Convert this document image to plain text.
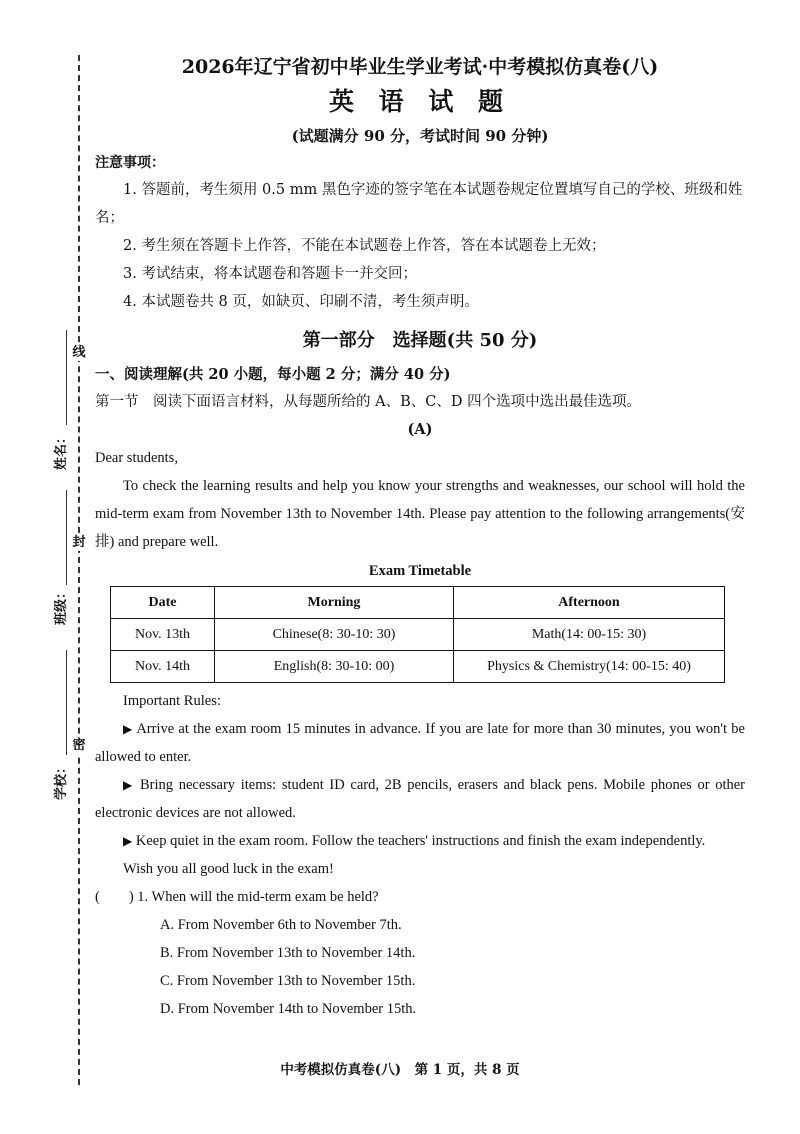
线
封
密
姓名：
班级：
学校：

2026年辽宁省初中毕业生学业考试·中考模拟仿真卷(八)

英 语 试 题

(试题满分 90 分，考试时间 90 分钟)

注意事项：

1. 答题前，考生须用 0.5 mm 黑色字迹的签字笔在本试题卷规定位置填写自己的学校、班级和姓名；

2. 考生须在答题卡上作答，不能在本试题卷上作答，答在本试题卷上无效；

3. 考试结束，将本试题卷和答题卡一并交回；

4. 本试题卷共 8 页，如缺页、印刷不清，考生须声明。

第一部分　选择题(共 50 分)

一、阅读理解(共 20 小题，每小题 2 分；满分 40 分)

第一节　阅读下面语言材料，从每题所给的 A、B、C、D 四个选项中选出最佳选项。

(A)

Dear students,

To check the learning results and help you know your strengths and weaknesses, our school will hold the mid-term exam from November 13th to November 14th. Please pay attention to the following arrangements(安排) and prepare well.

Exam Timetable

Date	Morning	Afternoon
Nov. 13th	Chinese(8: 30-10: 30)	Math(14: 00-15: 30)
Nov. 14th	English(8: 30-10: 00)	Physics & Chemistry(14: 00-15: 40)

Important Rules:

▶ Arrive at the exam room 15 minutes in advance. If you are late for more than 30 minutes, you won't be allowed to enter.

▶ Bring necessary items: student ID card, 2B pencils, erasers and black pens. Mobile phones or other electronic devices are not allowed.

▶ Keep quiet in the exam room. Follow the teachers' instructions and finish the exam independently.

Wish you all good luck in the exam!

(　　) 1. When will the mid-term exam be held?

A. From November 6th to November 7th.

B. From November 13th to November 14th.

C. From November 13th to November 15th.

D. From November 14th to November 15th.

中考模拟仿真卷(八)　第 1 页，共 8 页
